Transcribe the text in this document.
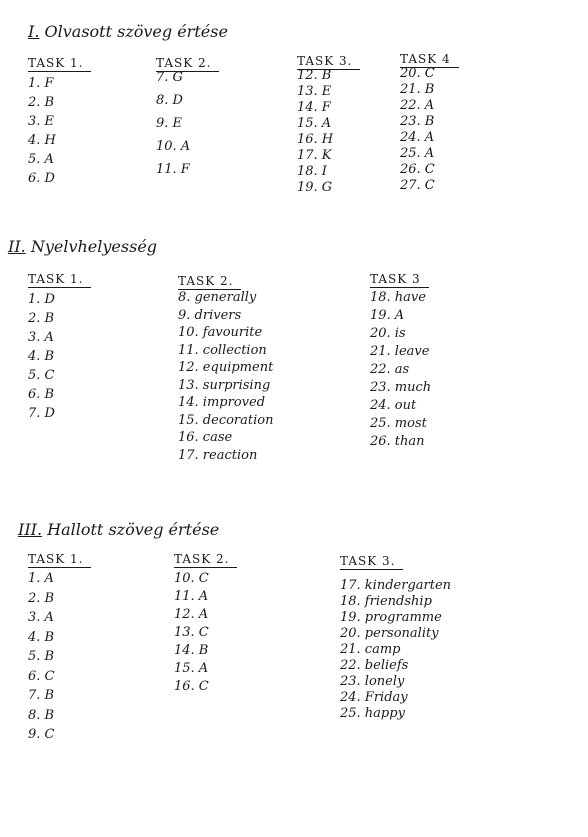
I. Olvasott szöveg értése
TASK 1.
1. F
2. B
3. E
4. H
5. A
6. D
TASK 2.
7. G
8. D
9. E
10. A
11. F
TASK 3.
12. B
13. E
14. F
15. A
16. H
17. K
18. I
19. G
TASK 4
20. C
21. B
22. A
23. B
24. A
25. A
26. C
27. C
II. Nyelvhelyesség
TASK 1.
1. D
2. B
3. A
4. B
5. C
6. B
7. D
TASK 2.
8. generally
9. drivers
10. favourite
11. collection
12. equipment
13. surprising
14. improved
15. decoration
16. case
17. reaction
TASK 3
18. have
19. A
20. is
21. leave
22. as
23. much
24. out
25. most
26. than
III. Hallott szöveg értése
TASK 1.
1. A
2. B
3. A
4. B
5. B
6. C
7. B
8. B
9. C
TASK 2.
10. C
11. A
12. A
13. C
14. B
15. A
16. C
TASK 3.
17. kindergarten
18. friendship
19. programme
20. personality
21. camp
22. beliefs
23. lonely
24. Friday
25. happy
